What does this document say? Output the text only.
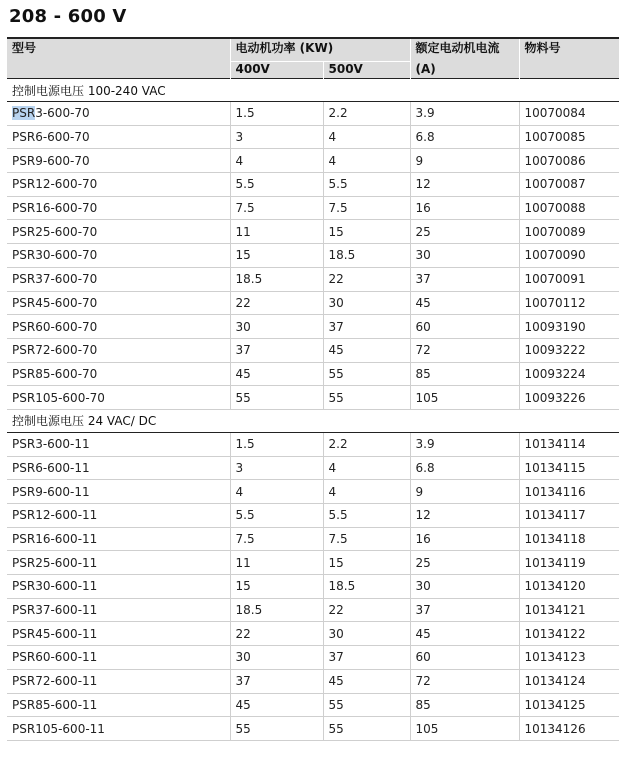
208 - 600 V
型号	电动机功率 (KW)		额定电动机电流	物料号
	400V	500V	(A)	
控制电源电压 100-240 VAC				
PSR3-600-70	1.5	2.2	3.9	10070084
PSR6-600-70	3	4	6.8	10070085
PSR9-600-70	4	4	9	10070086
PSR12-600-70	5.5	5.5	12	10070087
PSR16-600-70	7.5	7.5	16	10070088
PSR25-600-70	11	15	25	10070089
PSR30-600-70	15	18.5	30	10070090
PSR37-600-70	18.5	22	37	10070091
PSR45-600-70	22	30	45	10070112
PSR60-600-70	30	37	60	10093190
PSR72-600-70	37	45	72	10093222
PSR85-600-70	45	55	85	10093224
PSR105-600-70	55	55	105	10093226
控制电源电压 24 VAC/ DC				
PSR3-600-11	1.5	2.2	3.9	10134114
PSR6-600-11	3	4	6.8	10134115
PSR9-600-11	4	4	9	10134116
PSR12-600-11	5.5	5.5	12	10134117
PSR16-600-11	7.5	7.5	16	10134118
PSR25-600-11	11	15	25	10134119
PSR30-600-11	15	18.5	30	10134120
PSR37-600-11	18.5	22	37	10134121
PSR45-600-11	22	30	45	10134122
PSR60-600-11	30	37	60	10134123
PSR72-600-11	37	45	72	10134124
PSR85-600-11	45	55	85	10134125
PSR105-600-11	55	55	105	10134126
